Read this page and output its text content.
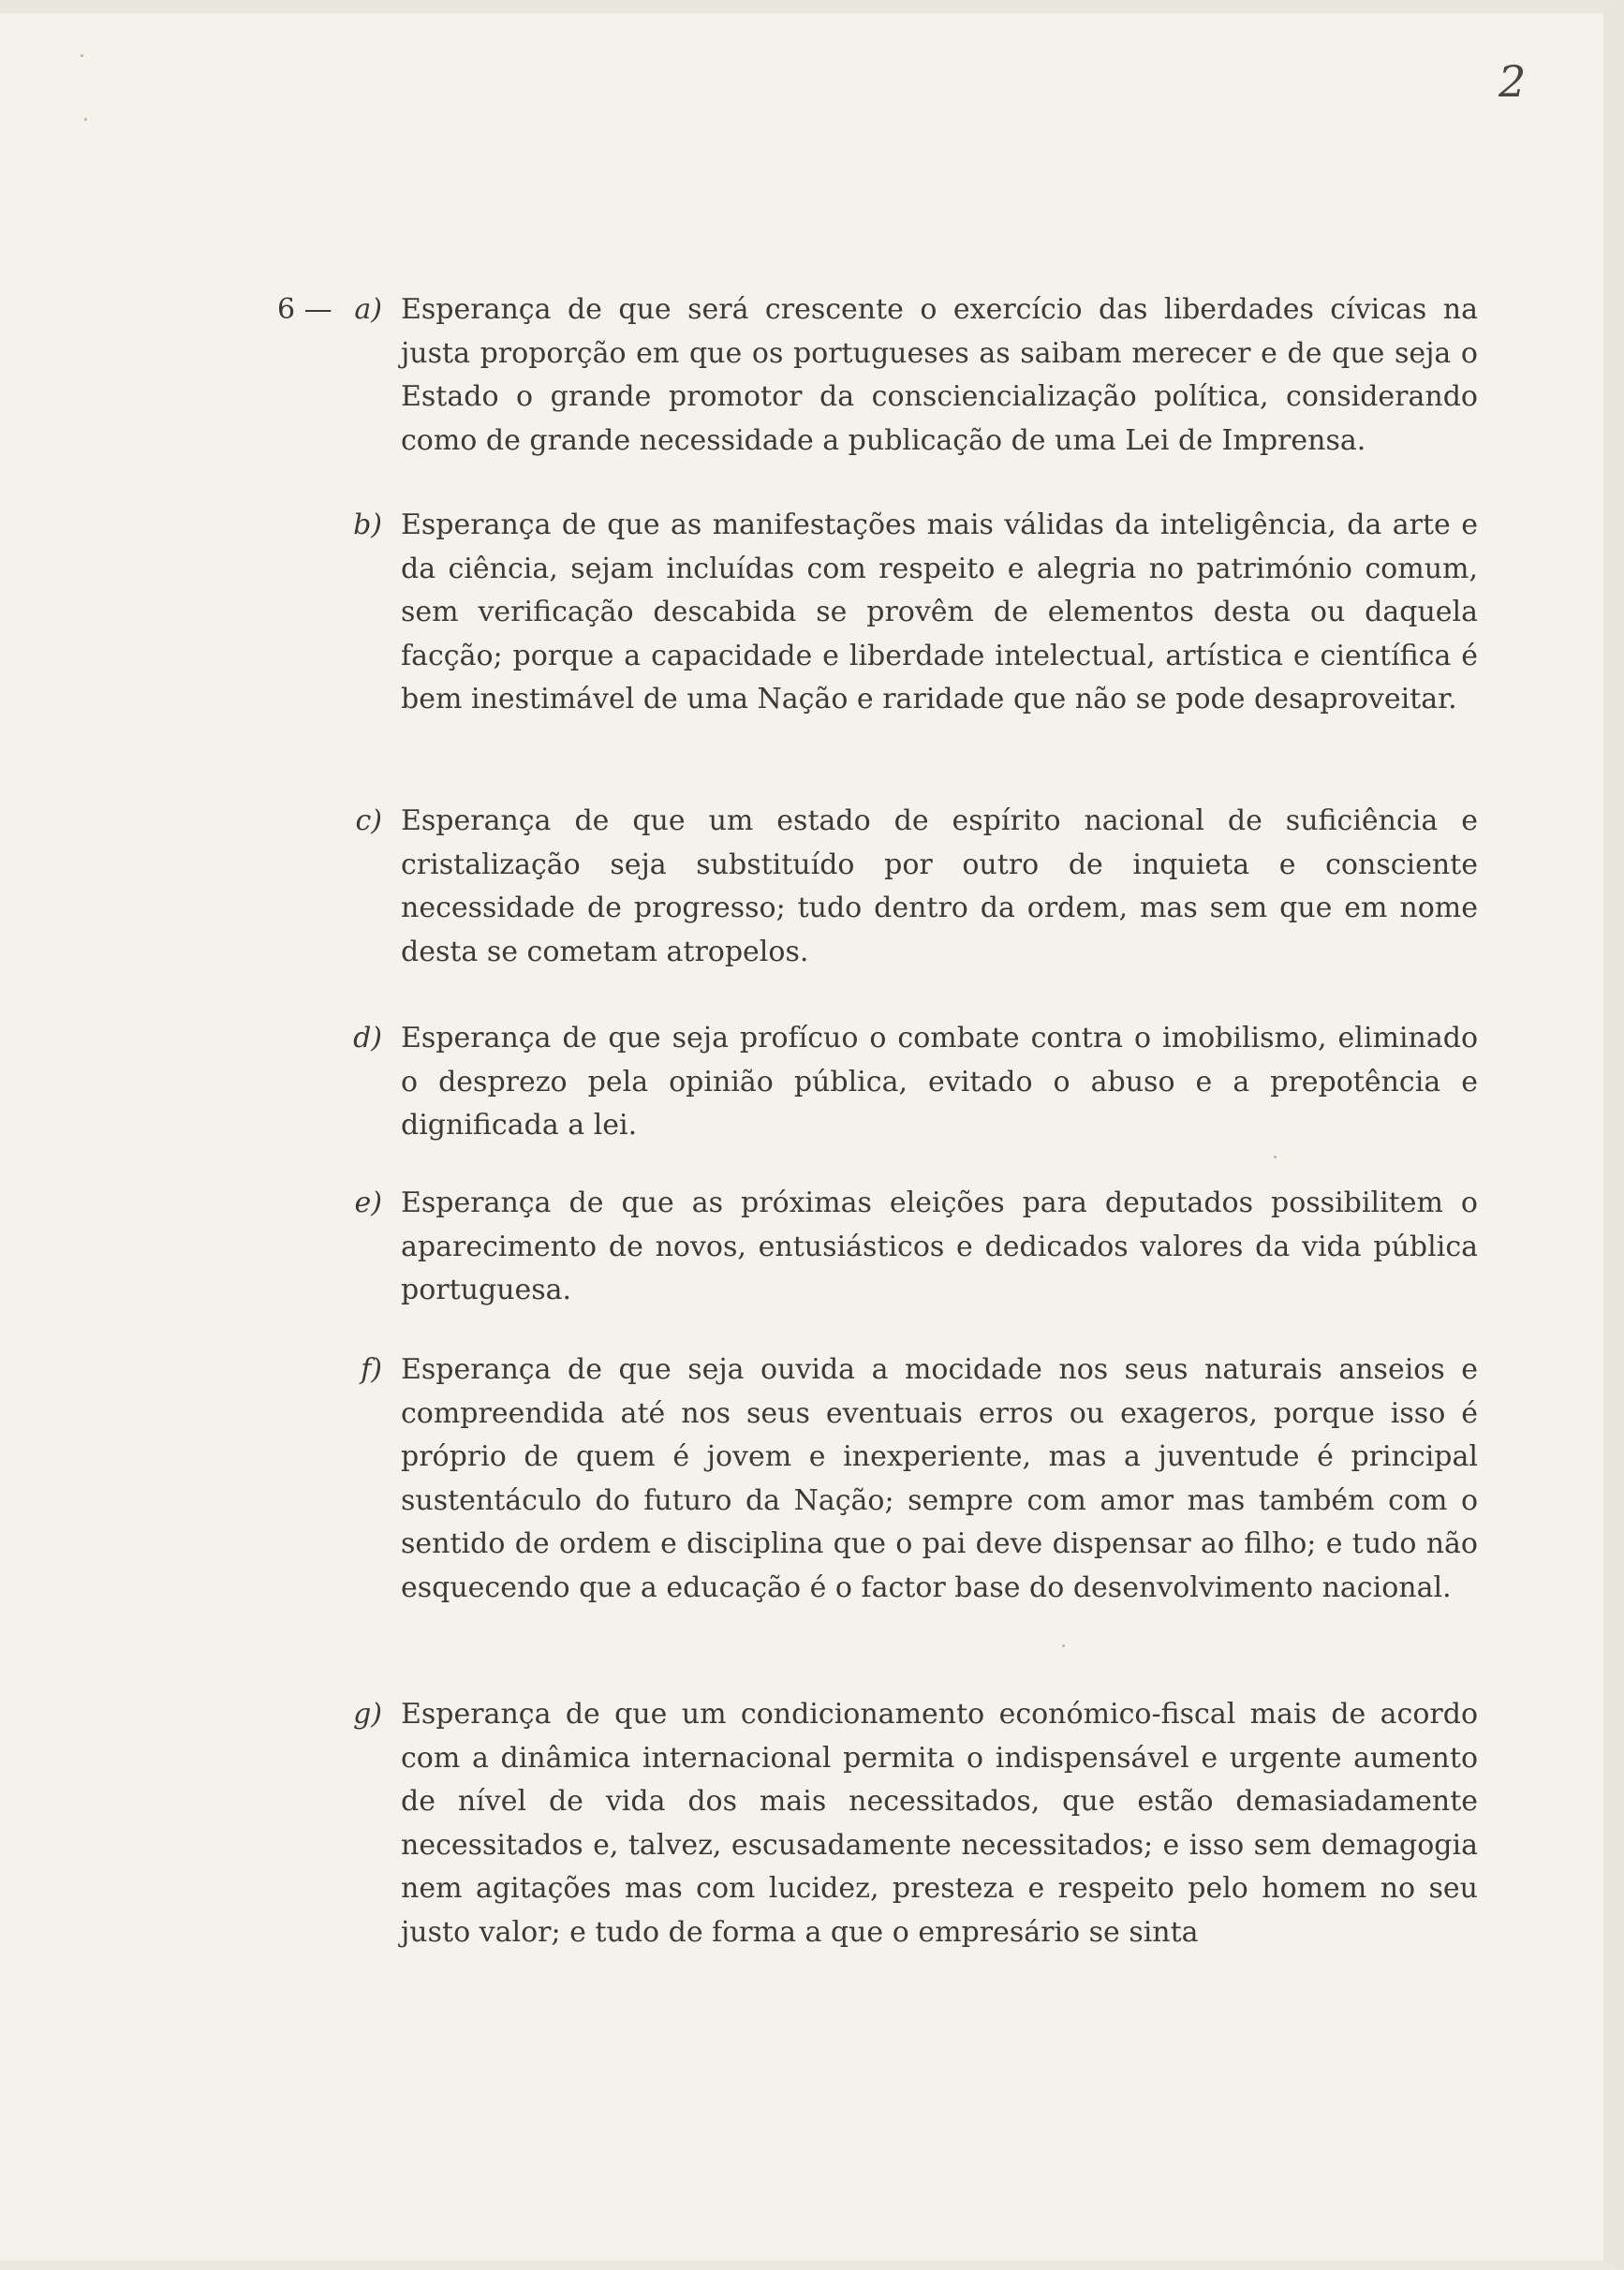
2
6 — a) Esperança de que será crescente o exercício das liberdades cívicas na justa proporção em que os portugueses as saibam merecer e de que seja o Estado o grande promotor da consciencialização política, considerando como de grande necessidade a publicação de uma Lei de Imprensa.

b) Esperança de que as manifestações mais válidas da inteligência, da arte e da ciência, sejam incluídas com respeito e alegria no património comum, sem verificação descabida se provêm de elementos desta ou daquela facção; porque a capacidade e liberdade intelectual, artística e científica é bem inestimável de uma Nação e raridade que não se pode desaproveitar.

c) Esperança de que um estado de espírito nacional de suficiência e cristalização seja substituído por outro de inquieta e consciente necessidade de progresso; tudo dentro da ordem, mas sem que em nome desta se cometam atropelos.

d) Esperança de que seja profícuo o combate contra o imobilismo, eliminado o desprezo pela opinião pública, evitado o abuso e a prepotência e dignificada a lei.

e) Esperança de que as próximas eleições para deputados possibilitem o aparecimento de novos, entusiásticos e dedicados valores da vida pública portuguesa.

f) Esperança de que seja ouvida a mocidade nos seus naturais anseios e compreendida até nos seus eventuais erros ou exageros, porque isso é próprio de quem é jovem e inexperiente, mas a juventude é principal sustentáculo do futuro da Nação; sempre com amor mas também com o sentido de ordem e disciplina que o pai deve dispensar ao filho; e tudo não esquecendo que a educação é o factor base do desenvolvimento nacional.

g) Esperança de que um condicionamento económico-fiscal mais de acordo com a dinâmica internacional permita o indispensável e urgente aumento de nível de vida dos mais necessitados, que estão demasiadamente necessitados e, talvez, escusadamente necessitados; e isso sem demagogia nem agitações mas com lucidez, presteza e respeito pelo homem no seu justo valor; e tudo de forma a que o empresário se sinta
